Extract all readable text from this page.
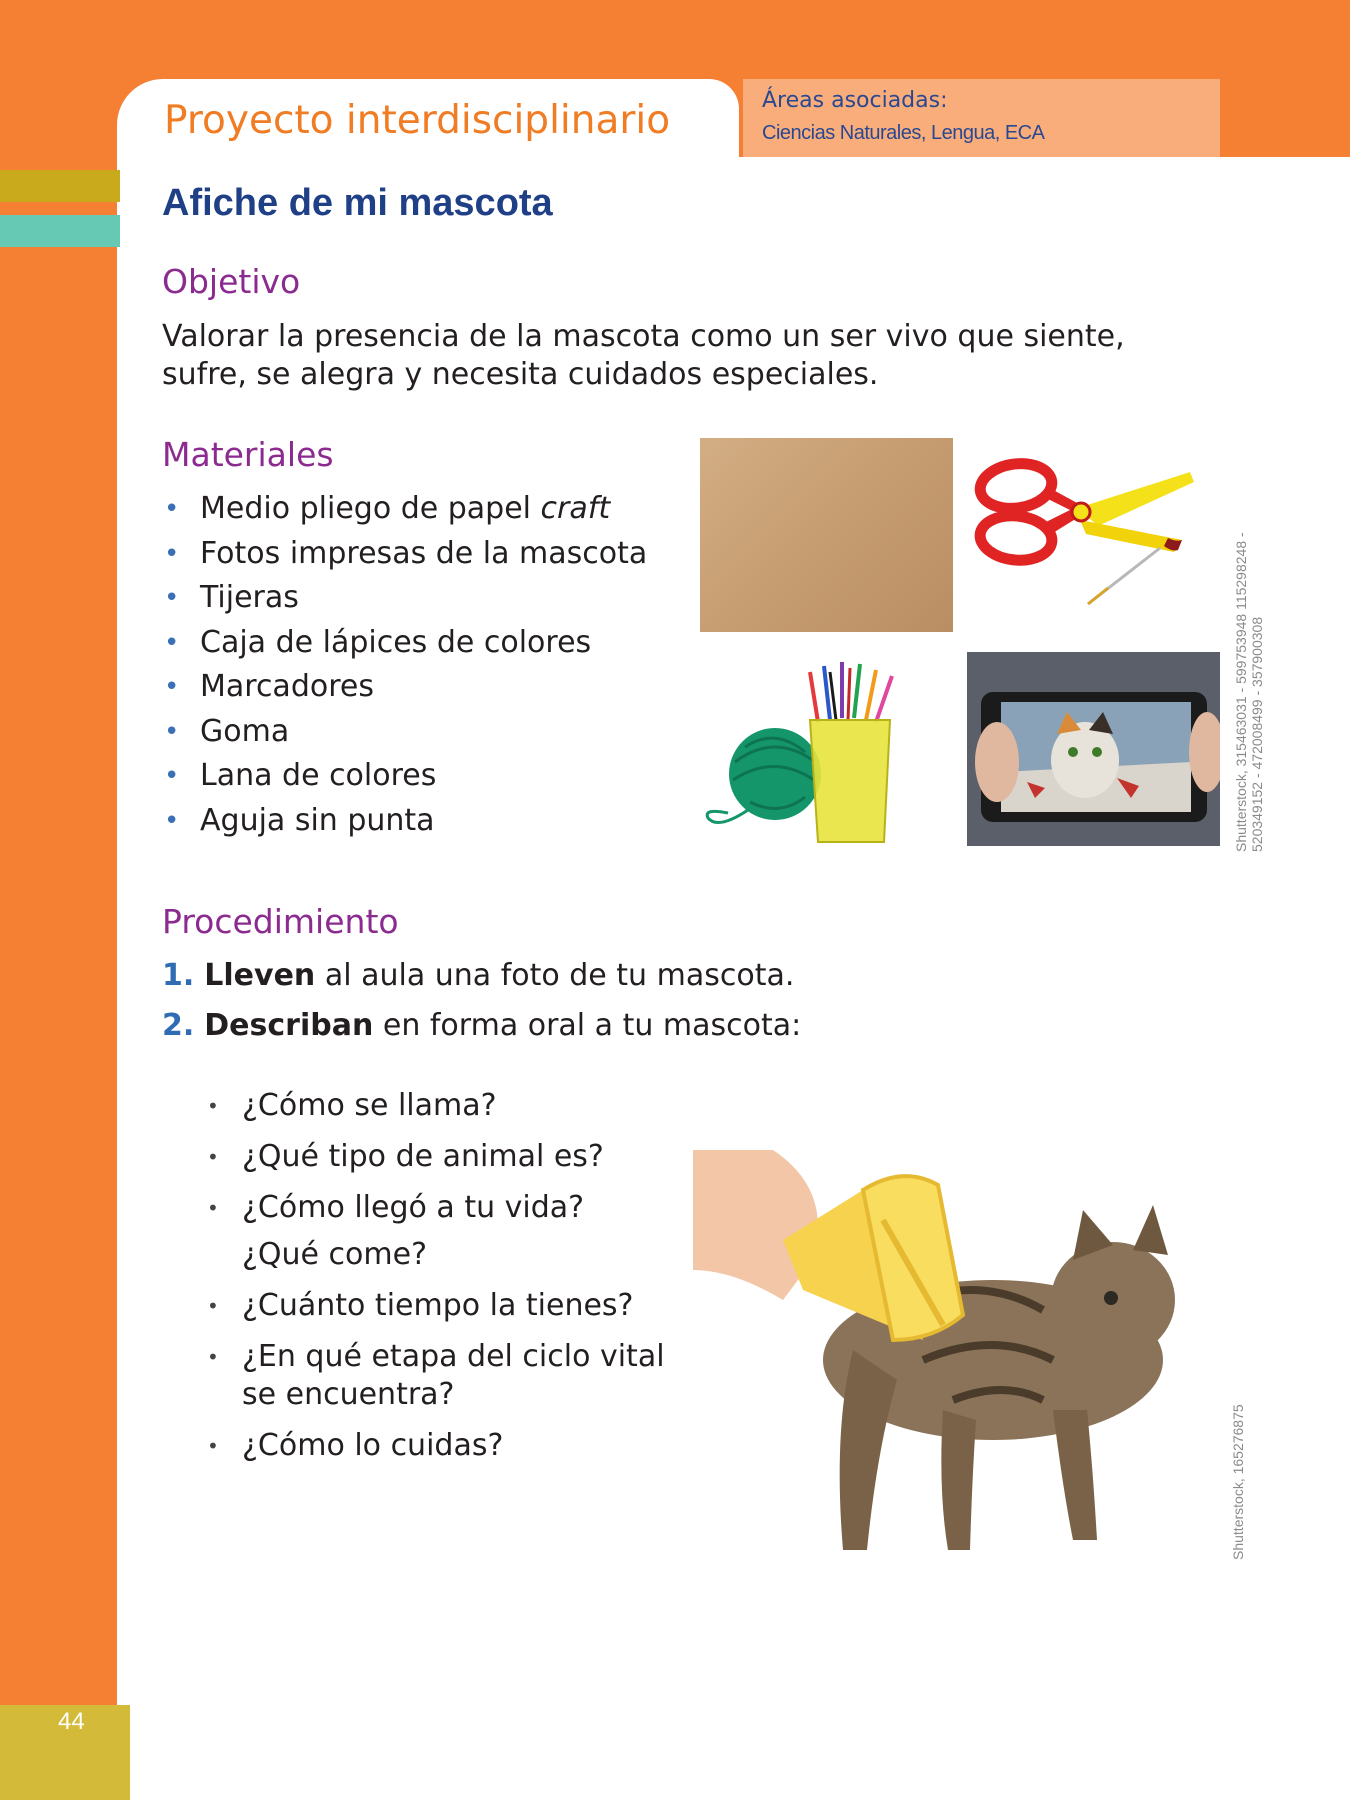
Proyecto interdisciplinario	Áreas asociadas:
Ciencias Naturales, Lengua, ECA
Afiche de mi mascota
Objetivo
Valorar la presencia de la mascota como un ser vivo que siente, sufre, se alegra y necesita cuidados especiales.
Materiales
• Medio pliego de papel craft
• Fotos impresas de la mascota
• Tijeras
• Caja de lápices de colores
• Marcadores
• Goma
• Lana de colores
• Aguja sin punta	Shutterstock, 315463031 - 599753948 115298248 - 520349152 - 472008499 - 357900308
Procedimiento
1. Lleven al aula una foto de tu mascota.
2. Describan en forma oral a tu mascota:
• ¿Cómo se llama?
• ¿Qué tipo de animal es?
• ¿Cómo llegó a tu vida?
¿Qué come?
• ¿Cuánto tiempo la tienes?
• ¿En qué etapa del ciclo vital se encuentra?
• ¿Cómo lo cuidas?	Shutterstock, 165276875
44
